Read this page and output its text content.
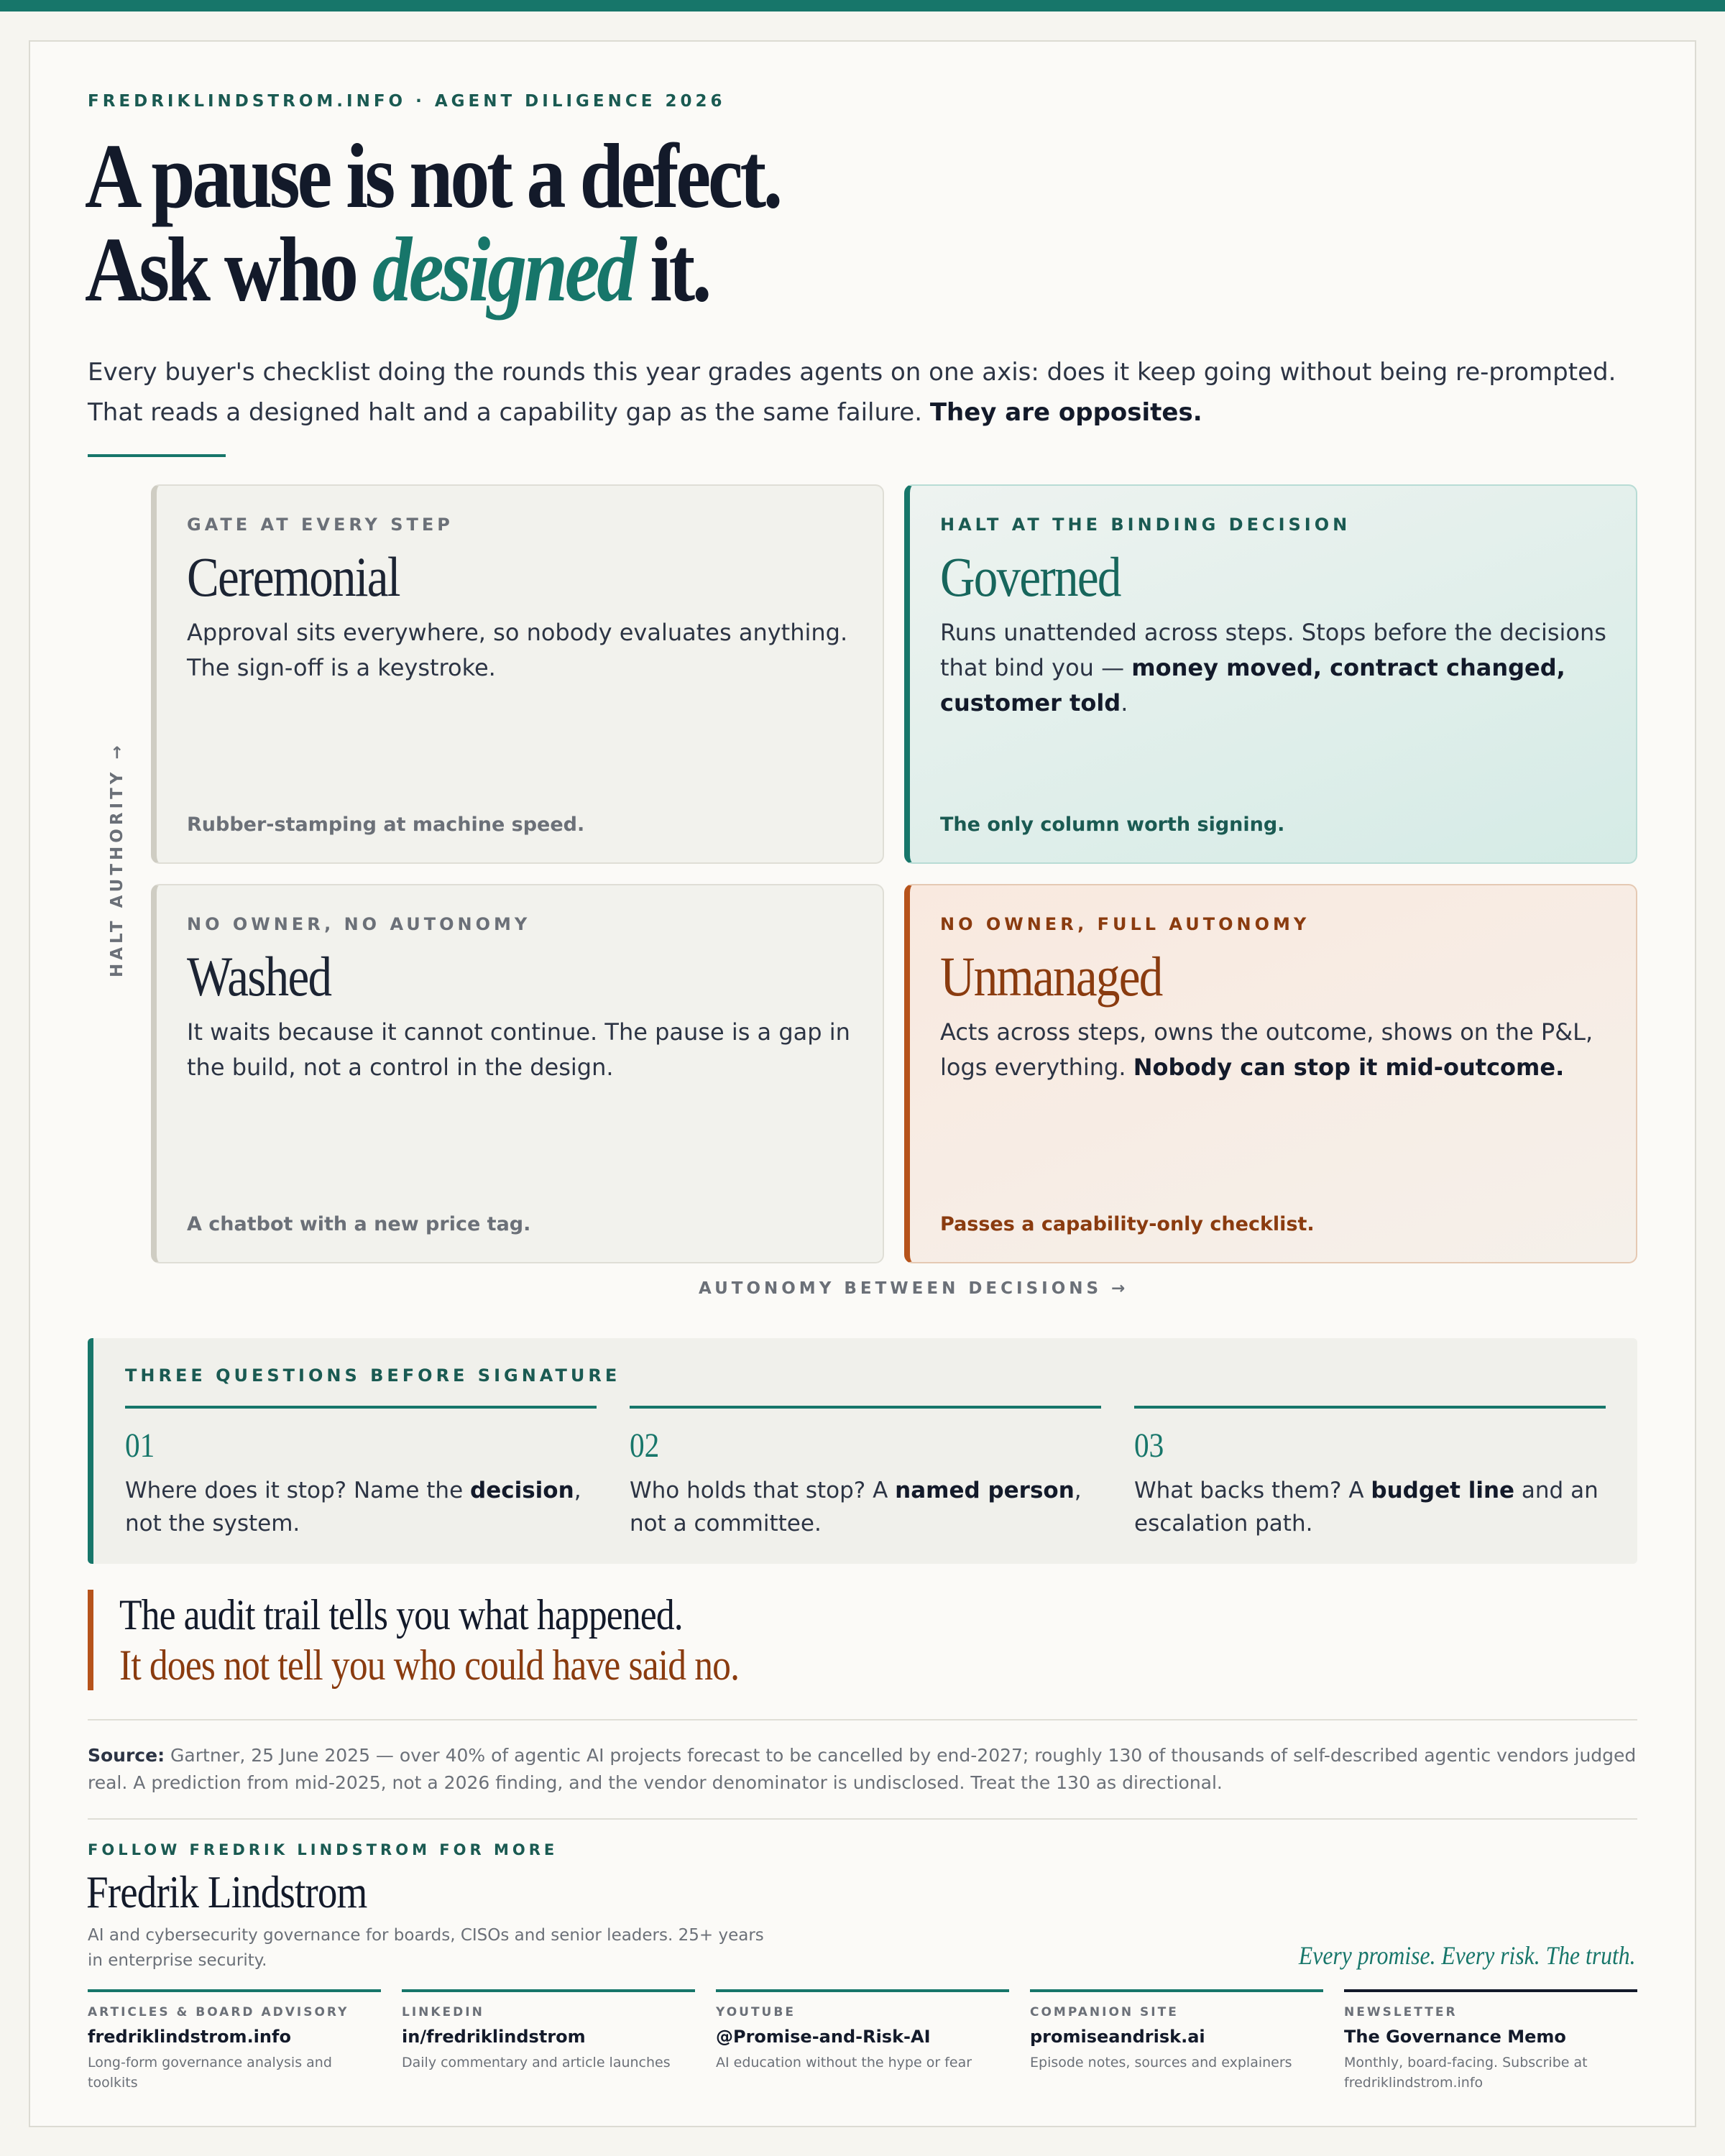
FREDRIKLINDSTROM.INFO · AGENT DILIGENCE 2026
A pause is not a defect.
Ask who designed it.

Every buyer's checklist doing the rounds this year grades agents on one axis: does it keep going without being re-prompted. That reads a designed halt and a capability gap as the same failure. They are opposites.

HALT AUTHORITY →
GATE AT EVERY STEP
Ceremonial
Approval sits everywhere, so nobody evaluates anything. The sign-off is a keystroke.
Rubber-stamping at machine speed.
HALT AT THE BINDING DECISION
Governed
Runs unattended across steps. Stops before the decisions that bind you — money moved, contract changed, customer told.
The only column worth signing.
NO OWNER, NO AUTONOMY
Washed
It waits because it cannot continue. The pause is a gap in the build, not a control in the design.
A chatbot with a new price tag.
NO OWNER, FULL AUTONOMY
Unmanaged
Acts across steps, owns the outcome, shows on the P&L, logs everything. Nobody can stop it mid-outcome.
Passes a capability-only checklist.
AUTONOMY BETWEEN DECISIONS →
THREE QUESTIONS BEFORE SIGNATURE
01
Where does it stop? Name the decision, not the system.
02
Who holds that stop? A named person, not a committee.
03
What backs them? A budget line and an escalation path.
The audit trail tells you what happened.
It does not tell you who could have said no.

Source: Gartner, 25 June 2025 — over 40% of agentic AI projects forecast to be cancelled by end-2027; roughly 130 of thousands of self-described agentic vendors judged real. A prediction from mid-2025, not a 2026 finding, and the vendor denominator is undisclosed. Treat the 130 as directional.

FOLLOW FREDRIK LINDSTROM FOR MORE
Fredrik Lindstrom

AI and cybersecurity governance for boards, CISOs and senior leaders. 25+ years in enterprise security.	Every promise. Every risk. The truth.
ARTICLES & BOARD ADVISORY
fredriklindstrom.info
Long-form governance analysis and toolkits
LINKEDIN
in/fredriklindstrom
Daily commentary and article launches
YOUTUBE
@Promise-and-Risk-AI
AI education without the hype or fear
COMPANION SITE
promiseandrisk.ai
Episode notes, sources and explainers
NEWSLETTER
The Governance Memo
Monthly, board-facing. Subscribe at fredriklindstrom.info
